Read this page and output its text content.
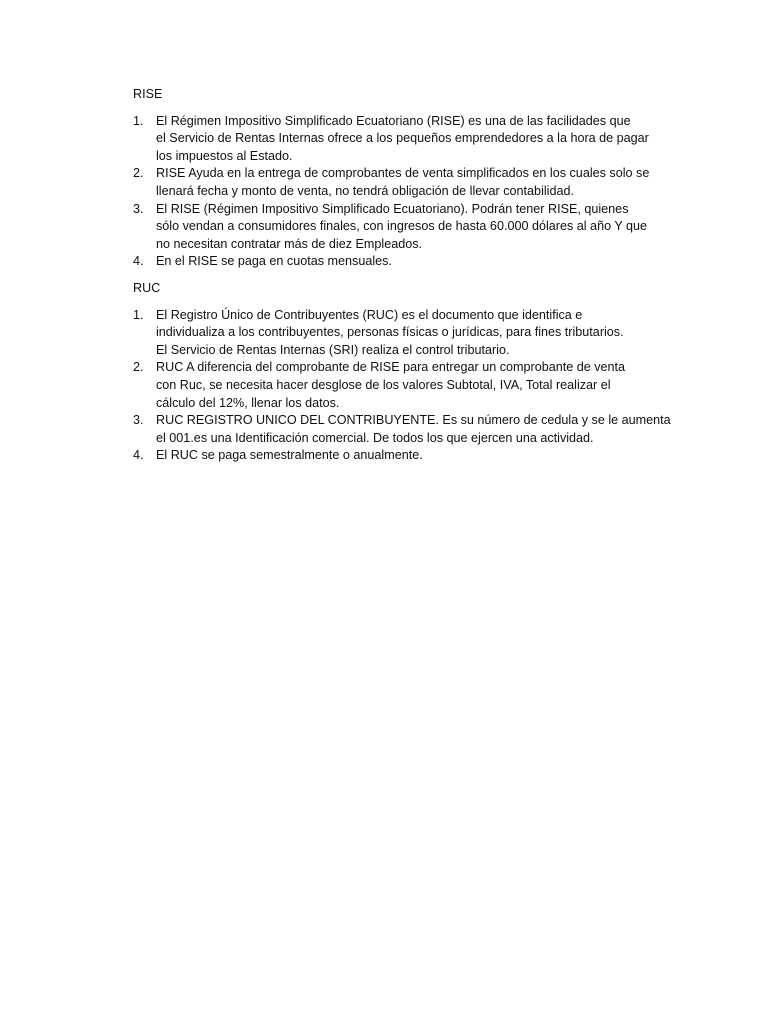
RISE
1. El Régimen Impositivo Simplificado Ecuatoriano (RISE) es una de las facilidades que
el Servicio de Rentas Internas ofrece a los pequeños emprendedores a la hora de pagar
los impuestos al Estado.
2. RISE Ayuda en la entrega de comprobantes de venta simplificados en los cuales solo se
llenará fecha y monto de venta, no tendrá obligación de llevar contabilidad.
3. El RISE (Régimen Impositivo Simplificado Ecuatoriano). Podrán tener RISE, quienes
sólo vendan a consumidores finales, con ingresos de hasta 60.000 dólares al año Y que
no necesitan contratar más de diez Empleados.
4. En el RISE se paga en cuotas mensuales.
RUC
1. El Registro Único de Contribuyentes (RUC) es el documento que identifica e
individualiza a los contribuyentes, personas físicas o jurídicas, para fines tributarios.
El Servicio de Rentas Internas (SRI) realiza el control tributario.
2. RUC A diferencia del comprobante de RISE para entregar un comprobante de venta
con Ruc, se necesita hacer desglose de los valores Subtotal, IVA, Total realizar el
cálculo del 12%, llenar los datos.
3. RUC REGISTRO UNICO DEL CONTRIBUYENTE. Es su número de cedula y se le aumenta
el 001.es una Identificación comercial. De todos los que ejercen una actividad.
4. El RUC se paga semestralmente o anualmente.
